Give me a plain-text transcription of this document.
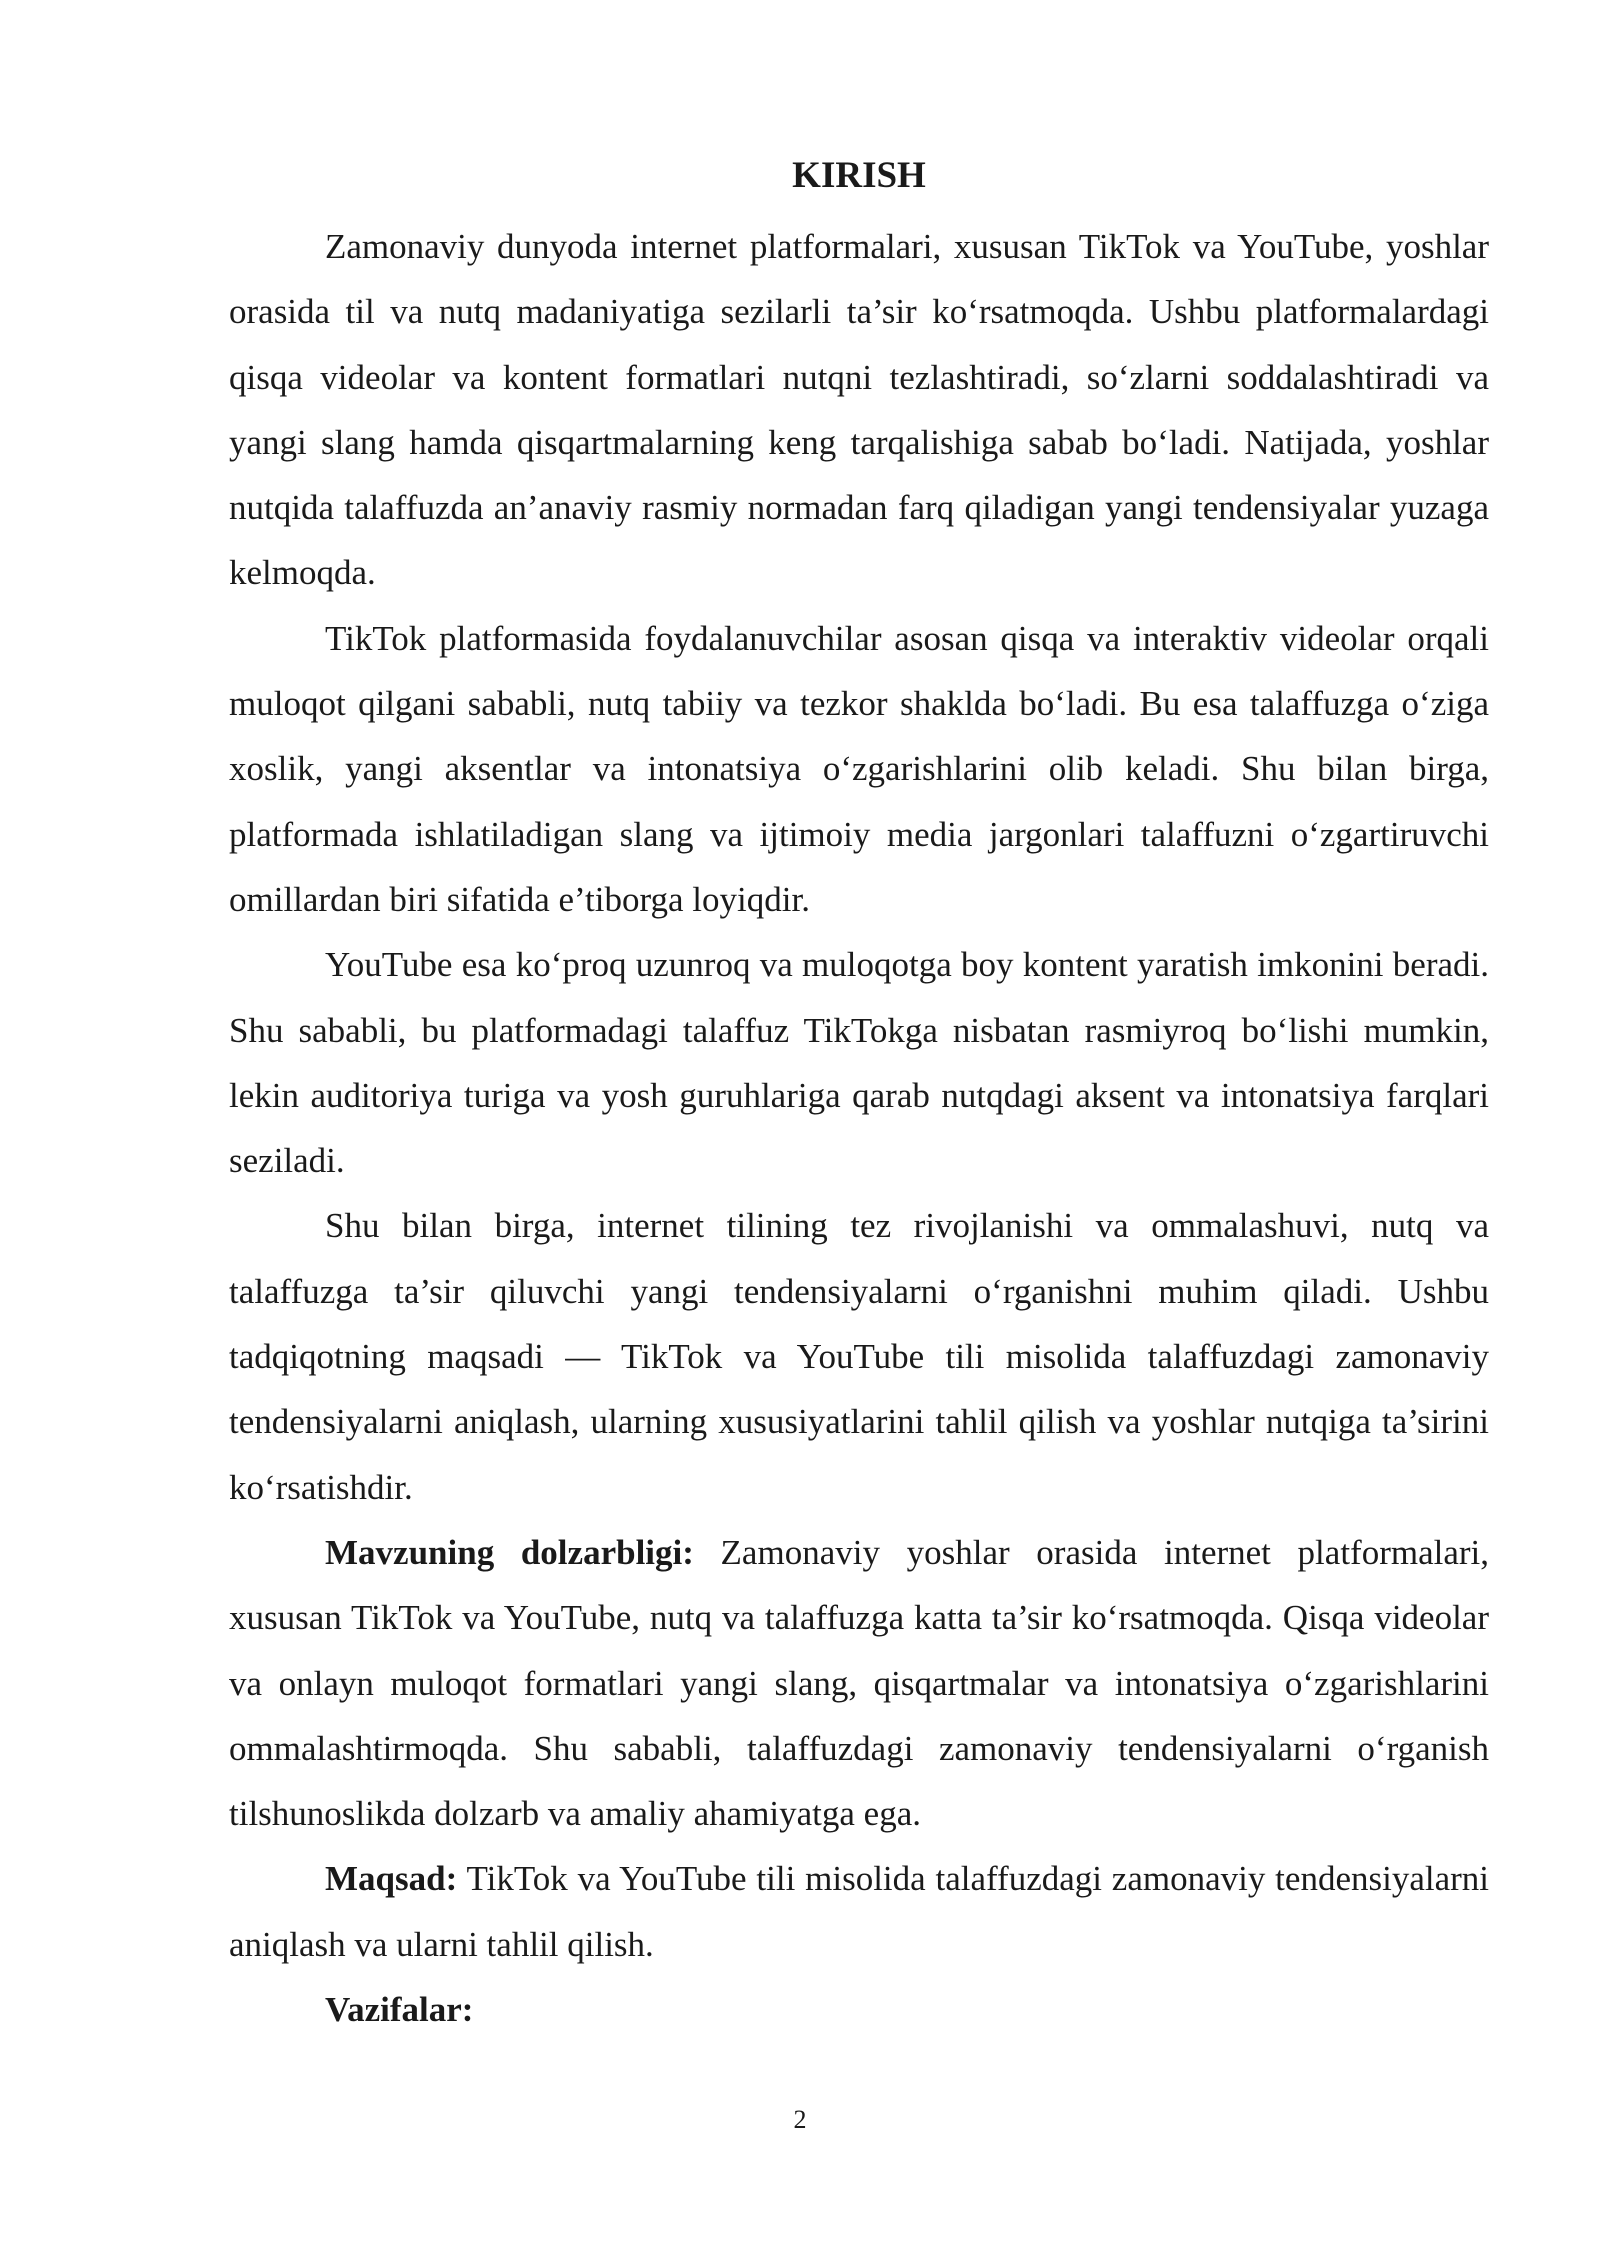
KIRISH

Zamonaviy dunyoda internet platformalari, xususan TikTok va YouTube, yoshlar orasida til va nutq madaniyatiga sezilarli ta’sir ko‘rsatmoqda. Ushbu platformalardagi qisqa videolar va kontent formatlari nutqni tezlashtiradi, so‘zlarni soddalashtiradi va yangi slang hamda qisqartmalarning keng tarqalishiga sabab bo‘ladi. Natijada, yoshlar nutqida talaffuzda an’anaviy rasmiy normadan farq qiladigan yangi tendensiyalar yuzaga kelmoqda.

TikTok platformasida foydalanuvchilar asosan qisqa va interaktiv videolar orqali muloqot qilgani sababli, nutq tabiiy va tezkor shaklda bo‘ladi. Bu esa talaffuzga o‘ziga xoslik, yangi aksentlar va intonatsiya o‘zgarishlarini olib keladi. Shu bilan birga, platformada ishlatiladigan slang va ijtimoiy media jargonlari talaffuzni o‘zgartiruvchi omillardan biri sifatida e’tiborga loyiqdir.

YouTube esa ko‘proq uzunroq va muloqotga boy kontent yaratish imkonini beradi. Shu sababli, bu platformadagi talaffuz TikTokga nisbatan rasmiyroq bo‘lishi mumkin, lekin auditoriya turiga va yosh guruhlariga qarab nutqdagi aksent va intonatsiya farqlari seziladi.

Shu bilan birga, internet tilining tez rivojlanishi va ommalashuvi, nutq va talaffuzga ta’sir qiluvchi yangi tendensiyalarni o‘rganishni muhim qiladi. Ushbu tadqiqotning maqsadi — TikTok va YouTube tili misolida talaffuzdagi zamonaviy tendensiyalarni aniqlash, ularning xususiyatlarini tahlil qilish va yoshlar nutqiga ta’sirini ko‘rsatishdir.

Mavzuning dolzarbligi: Zamonaviy yoshlar orasida internet platformalari, xususan TikTok va YouTube, nutq va talaffuzga katta ta’sir ko‘rsatmoqda. Qisqa videolar va onlayn muloqot formatlari yangi slang, qisqartmalar va intonatsiya o‘zgarishlarini ommalashtirmoqda. Shu sababli, talaffuzdagi zamonaviy tendensiyalarni o‘rganish tilshunoslikda dolzarb va amaliy ahamiyatga ega.

Maqsad: TikTok va YouTube tili misolida talaffuzdagi zamonaviy tendensiyalarni aniqlash va ularni tahlil qilish.

Vazifalar:

2
